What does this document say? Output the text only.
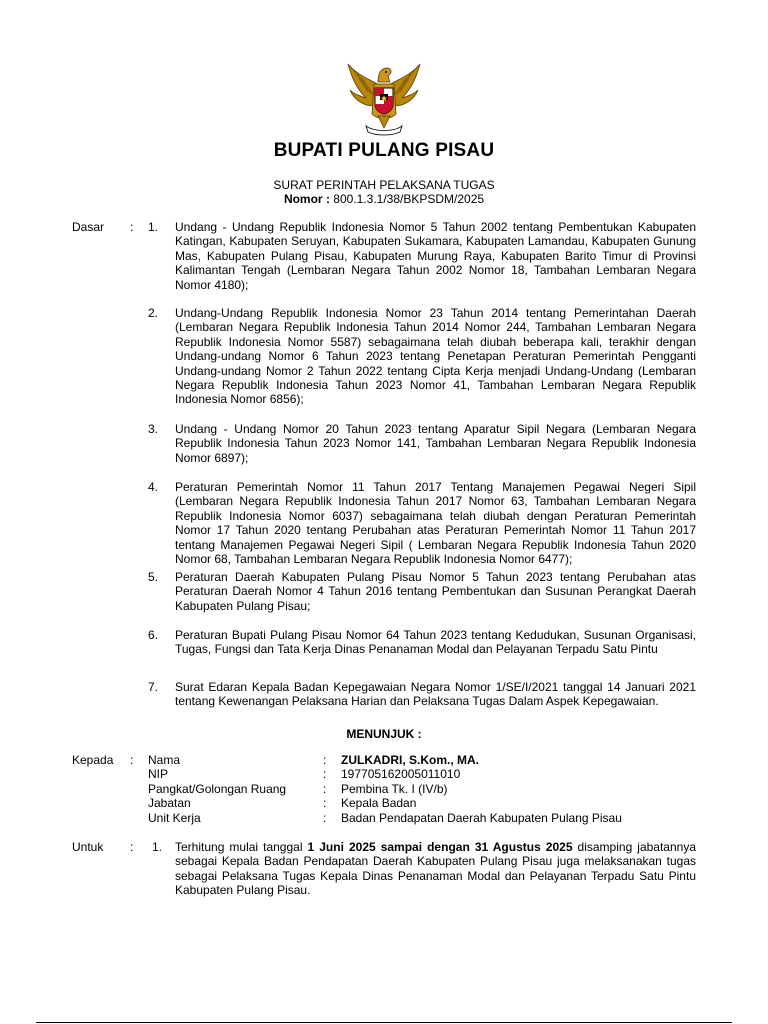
BUPATI PULANG PISAU
SURAT PERINTAH PELAKSANA TUGAS
Nomor : 800.1.3.1/38/BKPSDM/2025
Dasar : 1. Undang - Undang Republik Indonesia Nomor 5 Tahun 2002 tentang Pembentukan Kabupaten Katingan, Kabupaten Seruyan, Kabupaten Sukamara, Kabupaten Lamandau, Kabupaten Gunung Mas, Kabupaten Pulang Pisau, Kabupaten Murung Raya, Kabupaten Barito Timur di Provinsi Kalimantan Tengah (Lembaran Negara Tahun 2002 Nomor 18, Tambahan Lembaran Negara Nomor 4180);
2. Undang-Undang Republik Indonesia Nomor 23 Tahun 2014 tentang Pemerintahan Daerah (Lembaran Negara Republik Indonesia Tahun 2014 Nomor 244, Tambahan Lembaran Negara Republik Indonesia Nomor 5587) sebagaimana telah diubah beberapa kali, terakhir dengan Undang-undang Nomor 6 Tahun 2023 tentang Penetapan Peraturan Pemerintah Pengganti Undang-undang Nomor 2 Tahun 2022 tentang Cipta Kerja menjadi Undang-Undang (Lembaran Negara Republik Indonesia Tahun 2023 Nomor 41, Tambahan Lembaran Negara Republik Indonesia Nomor 6856);
3. Undang - Undang Nomor 20 Tahun 2023 tentang Aparatur Sipil Negara (Lembaran Negara Republik Indonesia Tahun 2023 Nomor 141, Tambahan Lembaran Negara Republik Indonesia Nomor 6897);
4. Peraturan Pemerintah Nomor 11 Tahun 2017 Tentang Manajemen Pegawai Negeri Sipil (Lembaran Negara Republik Indonesia Tahun 2017 Nomor 63, Tambahan Lembaran Negara Republik Indonesia Nomor 6037) sebagaimana telah diubah dengan Peraturan Pemerintah Nomor 17 Tahun 2020 tentang Perubahan atas Peraturan Pemerintah Nomor 11 Tahun 2017 tentang Manajemen Pegawai Negeri Sipil ( Lembaran Negara Republik Indonesia Tahun 2020 Nomor 68, Tambahan Lembaran Negara Republik Indonesia Nomor 6477);
5. Peraturan Daerah Kabupaten Pulang Pisau Nomor 5 Tahun 2023 tentang Perubahan atas Peraturan Daerah Nomor 4 Tahun 2016 tentang Pembentukan dan Susunan Perangkat Daerah Kabupaten Pulang Pisau;
6. Peraturan Bupati Pulang Pisau Nomor 64 Tahun 2023 tentang Kedudukan, Susunan Organisasi, Tugas, Fungsi dan Tata Kerja Dinas Penanaman Modal dan Pelayanan Terpadu Satu Pintu
7. Surat Edaran Kepala Badan Kepegawaian Negara Nomor 1/SE/I/2021 tanggal 14 Januari 2021 tentang Kewenangan Pelaksana Harian dan Pelaksana Tugas Dalam Aspek Kepegawaian.
MENUNJUK :
Kepada : Nama	: ZULKADRI, S.Kom., MA.
NIP	: 197705162005011010
Pangkat/Golongan Ruang	: Pembina Tk. I (IV/b)
Jabatan	: Kepala Badan
Unit Kerja	: Badan Pendapatan Daerah Kabupaten Pulang Pisau
Untuk : 1. Terhitung mulai tanggal 1 Juni 2025 sampai dengan 31 Agustus 2025 disamping jabatannya sebagai Kepala Badan Pendapatan Daerah Kabupaten Pulang Pisau juga melaksanakan tugas sebagai Pelaksana Tugas Kepala Dinas Penanaman Modal dan Pelayanan Terpadu Satu Pintu Kabupaten Pulang Pisau.
